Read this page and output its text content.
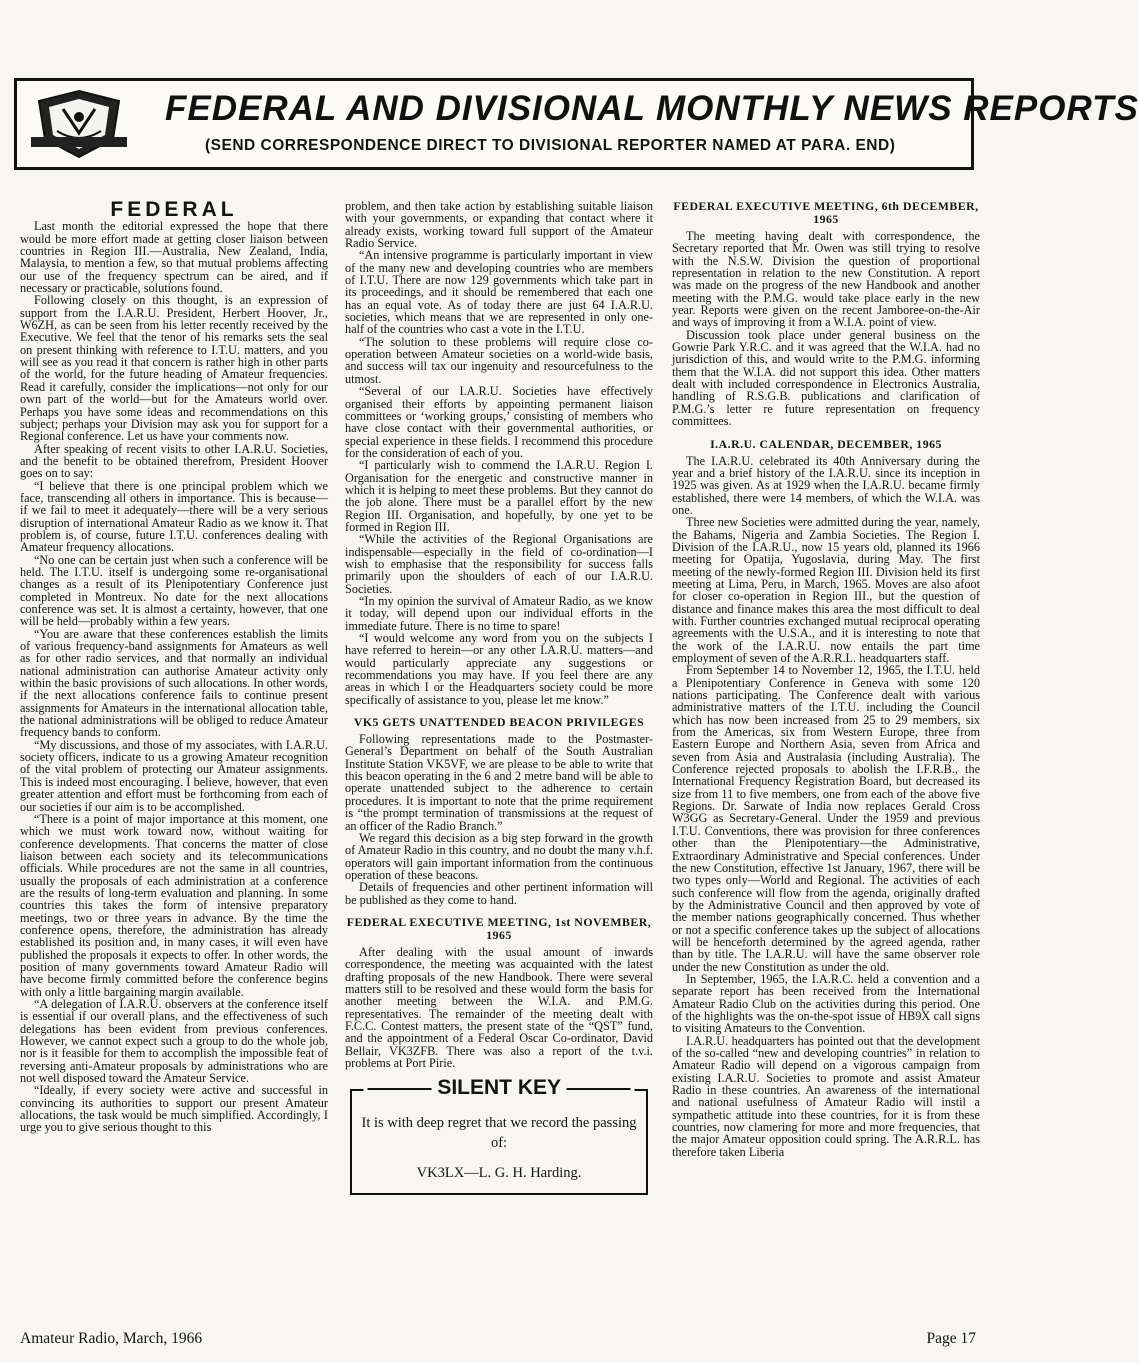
FEDERAL AND DIVISIONAL MONTHLY NEWS REPORTS
(SEND CORRESPONDENCE DIRECT TO DIVISIONAL REPORTER NAMED AT PARA. END)
FEDERAL

Last month the editorial expressed the hope that there would be more effort made at getting closer liaison between countries in Region III.—Australia, New Zealand, India, Malaysia, to mention a few, so that mutual problems affecting our use of the frequency spectrum can be aired, and if necessary or practicable, solutions found.

Following closely on this thought, is an expression of support from the I.A.R.U. President, Herbert Hoover, Jr., W6ZH, as can be seen from his letter recently received by the Executive. We feel that the tenor of his remarks sets the seal on present thinking with reference to I.T.U. matters, and you will see as you read it that concern is rather high in other parts of the world, for the future heading of Amateur frequencies. Read it carefully, consider the implications—not only for our own part of the world—but for the Amateurs world over. Perhaps you have some ideas and recommendations on this subject; perhaps your Division may ask you for support for a Regional conference. Let us have your comments now.

After speaking of recent visits to other I.A.R.U. Societies, and the benefit to be obtained therefrom, President Hoover goes on to say:

“I believe that there is one principal problem which we face, transcending all others in importance. This is because—if we fail to meet it adequately—there will be a very serious disruption of international Amateur Radio as we know it. That problem is, of course, future I.T.U. conferences dealing with Amateur frequency allocations.

“No one can be certain just when such a conference will be held. The I.T.U. itself is undergoing some re-organisational changes as a result of its Plenipotentiary Conference just completed in Montreux. No date for the next allocations conference was set. It is almost a certainty, however, that one will be held—probably within a few years.

“You are aware that these conferences establish the limits of various frequency-band assignments for Amateurs as well as for other radio services, and that normally an individual national administration can authorise Amateur activity only within the basic provisions of such allocations. In other words, if the next allocations conference fails to continue present assignments for Amateurs in the international allocation table, the national administrations will be obliged to reduce Amateur frequency bands to conform.

“My discussions, and those of my associates, with I.A.R.U. society officers, indicate to us a growing Amateur recognition of the vital problem of protecting our Amateur assignments. This is indeed most encouraging. I believe, however, that even greater attention and effort must be forthcoming from each of our societies if our aim is to be accomplished.

“There is a point of major importance at this moment, one which we must work toward now, without waiting for conference developments. That concerns the matter of close liaison between each society and its telecommunications officials. While procedures are not the same in all countries, usually the proposals of each administration at a conference are the results of long-term evaluation and planning. In some countries this takes the form of intensive preparatory meetings, two or three years in advance. By the time the conference opens, therefore, the administration has already established its position and, in many cases, it will even have published the proposals it expects to offer. In other words, the position of many governments toward Amateur Radio will have become firmly committed before the conference begins with only a little bargaining margin available.

“A delegation of I.A.R.U. observers at the conference itself is essential if our overall plans, and the effectiveness of such delegations has been evident from previous conferences. However, we cannot expect such a group to do the whole job, nor is it feasible for them to accomplish the impossible feat of reversing anti-Amateur proposals by administrations who are not well disposed toward the Amateur Service.

“Ideally, if every society were active and successful in convincing its authorities to support our present Amateur allocations, the task would be much simplified. Accordingly, I urge you to give serious thought to this

problem, and then take action by establishing suitable liaison with your governments, or expanding that contact where it already exists, working toward full support of the Amateur Radio Service.

“An intensive programme is particularly important in view of the many new and developing countries who are members of I.T.U. There are now 129 governments which take part in its proceedings, and it should be remembered that each one has an equal vote. As of today there are just 64 I.A.R.U. societies, which means that we are represented in only one-half of the countries who cast a vote in the I.T.U.

“The solution to these problems will require close co-operation between Amateur societies on a world-wide basis, and success will tax our ingenuity and resourcefulness to the utmost.

“Several of our I.A.R.U. Societies have effectively organised their efforts by appointing permanent liaison committees or ‘working groups,’ consisting of members who have close contact with their governmental authorities, or special experience in these fields. I recommend this procedure for the consideration of each of you.

“I particularly wish to commend the I.A.R.U. Region I. Organisation for the energetic and constructive manner in which it is helping to meet these problems. But they cannot do the job alone. There must be a parallel effort by the new Region III. Organisation, and hopefully, by one yet to be formed in Region III.

“While the activities of the Regional Organisations are indispensable—especially in the field of co-ordination—I wish to emphasise that the responsibility for success falls primarily upon the shoulders of each of our I.A.R.U. Societies.

“In my opinion the survival of Amateur Radio, as we know it today, will depend upon our individual efforts in the immediate future. There is no time to spare!

“I would welcome any word from you on the subjects I have referred to herein—or any other I.A.R.U. matters—and would particularly appreciate any suggestions or recommendations you may have. If you feel there are any areas in which I or the Headquarters society could be more specifically of assistance to you, please let me know.”

VK5 GETS UNATTENDED BEACON PRIVILEGES

Following representations made to the Postmaster-General’s Department on behalf of the South Australian Institute Station VK5VF, we are please to be able to write that this beacon operating in the 6 and 2 metre band will be able to operate unattended subject to the adherence to certain procedures. It is important to note that the prime requirement is “the prompt termination of transmissions at the request of an officer of the Radio Branch.”

We regard this decision as a big step forward in the growth of Amateur Radio in this country, and no doubt the many v.h.f. operators will gain important information from the continuous operation of these beacons.

Details of frequencies and other pertinent information will be published as they come to hand.

FEDERAL EXECUTIVE MEETING, 1st NOVEMBER, 1965

After dealing with the usual amount of inwards correspondence, the meeting was acquainted with the latest drafting proposals of the new Handbook. There were several matters still to be resolved and these would form the basis for another meeting between the W.I.A. and P.M.G. representatives. The remainder of the meeting dealt with F.C.C. Contest matters, the present state of the “QST” fund, and the appointment of a Federal Oscar Co-ordinator, David Bellair, VK3ZFB. There was also a report of the t.v.i. problems at Port Pirie.

SILENT KEY
It is with deep regret that we record the passing of:
VK3LX—L. G. H. Harding.
FEDERAL EXECUTIVE MEETING, 6th DECEMBER, 1965

The meeting having dealt with correspondence, the Secretary reported that Mr. Owen was still trying to resolve with the N.S.W. Division the question of proportional representation in relation to the new Constitution. A report was made on the progress of the new Handbook and another meeting with the P.M.G. would take place early in the new year. Reports were given on the recent Jamboree-on-the-Air and ways of improving it from a W.I.A. point of view.

Discussion took place under general business on the Gowrie Park Y.R.C. and it was agreed that the W.I.A. had no jurisdiction of this, and would write to the P.M.G. informing them that the W.I.A. did not support this idea. Other matters dealt with included correspondence in Electronics Australia, handling of R.S.G.B. publications and clarification of P.M.G.’s letter re future representation on frequency committees.

I.A.R.U. CALENDAR, DECEMBER, 1965

The I.A.R.U. celebrated its 40th Anniversary during the year and a brief history of the I.A.R.U. since its inception in 1925 was given. As at 1929 when the I.A.R.U. became firmly established, there were 14 members, of which the W.I.A. was one.

Three new Societies were admitted during the year, namely, the Bahams, Nigeria and Zambia Societies. The Region I. Division of the I.A.R.U., now 15 years old, planned its 1966 meeting for Opatija, Yugoslavia, during May. The first meeting of the newly-formed Region III. Division held its first meeting at Lima, Peru, in March, 1965. Moves are also afoot for closer co-operation in Region III., but the question of distance and finance makes this area the most difficult to deal with. Further countries exchanged mutual reciprocal operating agreements with the U.S.A., and it is interesting to note that the work of the I.A.R.U. now entails the part time employment of seven of the A.R.R.L. headquarters staff.

From September 14 to November 12, 1965, the I.T.U. held a Plenipotentiary Conference in Geneva with some 120 nations participating. The Conference dealt with various administrative matters of the I.T.U. including the Council which has now been increased from 25 to 29 members, six from the Americas, six from Western Europe, three from Eastern Europe and Northern Asia, seven from Africa and seven from Asia and Australasia (including Australia). The Conference rejected proposals to abolish the I.F.R.B., the International Frequency Registration Board, but decreased its size from 11 to five members, one from each of the above five Regions. Dr. Sarwate of India now replaces Gerald Cross W3GG as Secretary-General. Under the 1959 and previous I.T.U. Conventions, there was provision for three conferences other than the Plenipotentiary—the Administrative, Extraordinary Administrative and Special conferences. Under the new Constitution, effective 1st January, 1967, there will be two types only—World and Regional. The activities of each such conference will flow from the agenda, originally drafted by the Administrative Council and then approved by vote of the member nations geographically concerned. Thus whether or not a specific conference takes up the subject of allocations will be henceforth determined by the agreed agenda, rather than by title. The I.A.R.U. will have the same observer role under the new Constitution as under the old.

In September, 1965, the I.A.R.C. held a convention and a separate report has been received from the International Amateur Radio Club on the activities during this period. One of the highlights was the on-the-spot issue of HB9X call signs to visiting Amateurs to the Convention.

I.A.R.U. headquarters has pointed out that the development of the so-called “new and developing countries” in relation to Amateur Radio will depend on a vigorous campaign from existing I.A.R.U. Societies to promote and assist Amateur Radio in these countries. An awareness of the international and national usefulness of Amateur Radio will instil a sympathetic attitude into these countries, for it is from these countries, now clamering for more and more frequencies, that the major Amateur opposition could spring. The A.R.R.L. has therefore taken Liberia

Amateur Radio, March, 1966	Page 17
